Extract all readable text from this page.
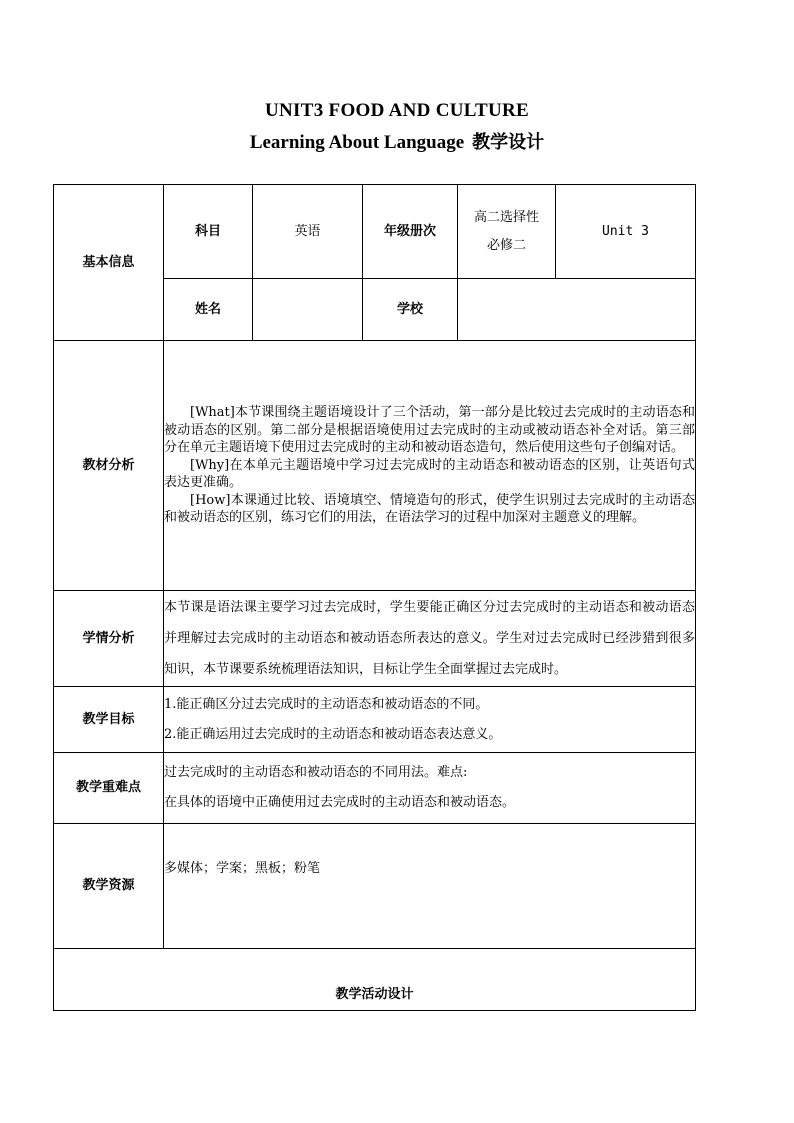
UNIT3 FOOD AND CULTURE
Learning About Language 教学设计
基本信息	科目	英语	年级册次	高二选择性必修二	Unit 3
	姓名		学校		
教材分析	[What]本节课围绕主题语境设计了三个活动，第一部分是比较过去完成时的主动语态和被动语态的区别。第二部分是根据语境使用过去完成时的主动或被动语态补全对话。第三部分在单元主题语境下使用过去完成时的主动和被动语态造句，然后使用这些句子创编对话。

[Why]在本单元主题语境中学习过去完成时的主动语态和被动语态的区别，让英语句式表达更准确。

[How]本课通过比较、语境填空、情境造句的形式，使学生识别过去完成时的主动语态和被动语态的区别，练习它们的用法，在语法学习的过程中加深对主题意义的理解。				

学情分析	本节课是语法课主要学习过去完成时，学生要能正确区分过去完成时的主动语态和被动语态并理解过去完成时的主动语态和被动语态所表达的意义。学生对过去完成时已经涉猎到很多知识，本节课要系统梳理语法知识，目标让学生全面掌握过去完成时。				

教学目标	1.能正确区分过去完成时的主动语态和被动语态的不同。

2.能正确运用过去完成时的主动语态和被动语态表达意义。				

教学重难点	过去完成时的主动语态和被动语态的不同用法。难点:

在具体的语境中正确使用过去完成时的主动语态和被动语态。				

教学资源	多媒体；学案；黑板；粉笔				

教学活动设计					
